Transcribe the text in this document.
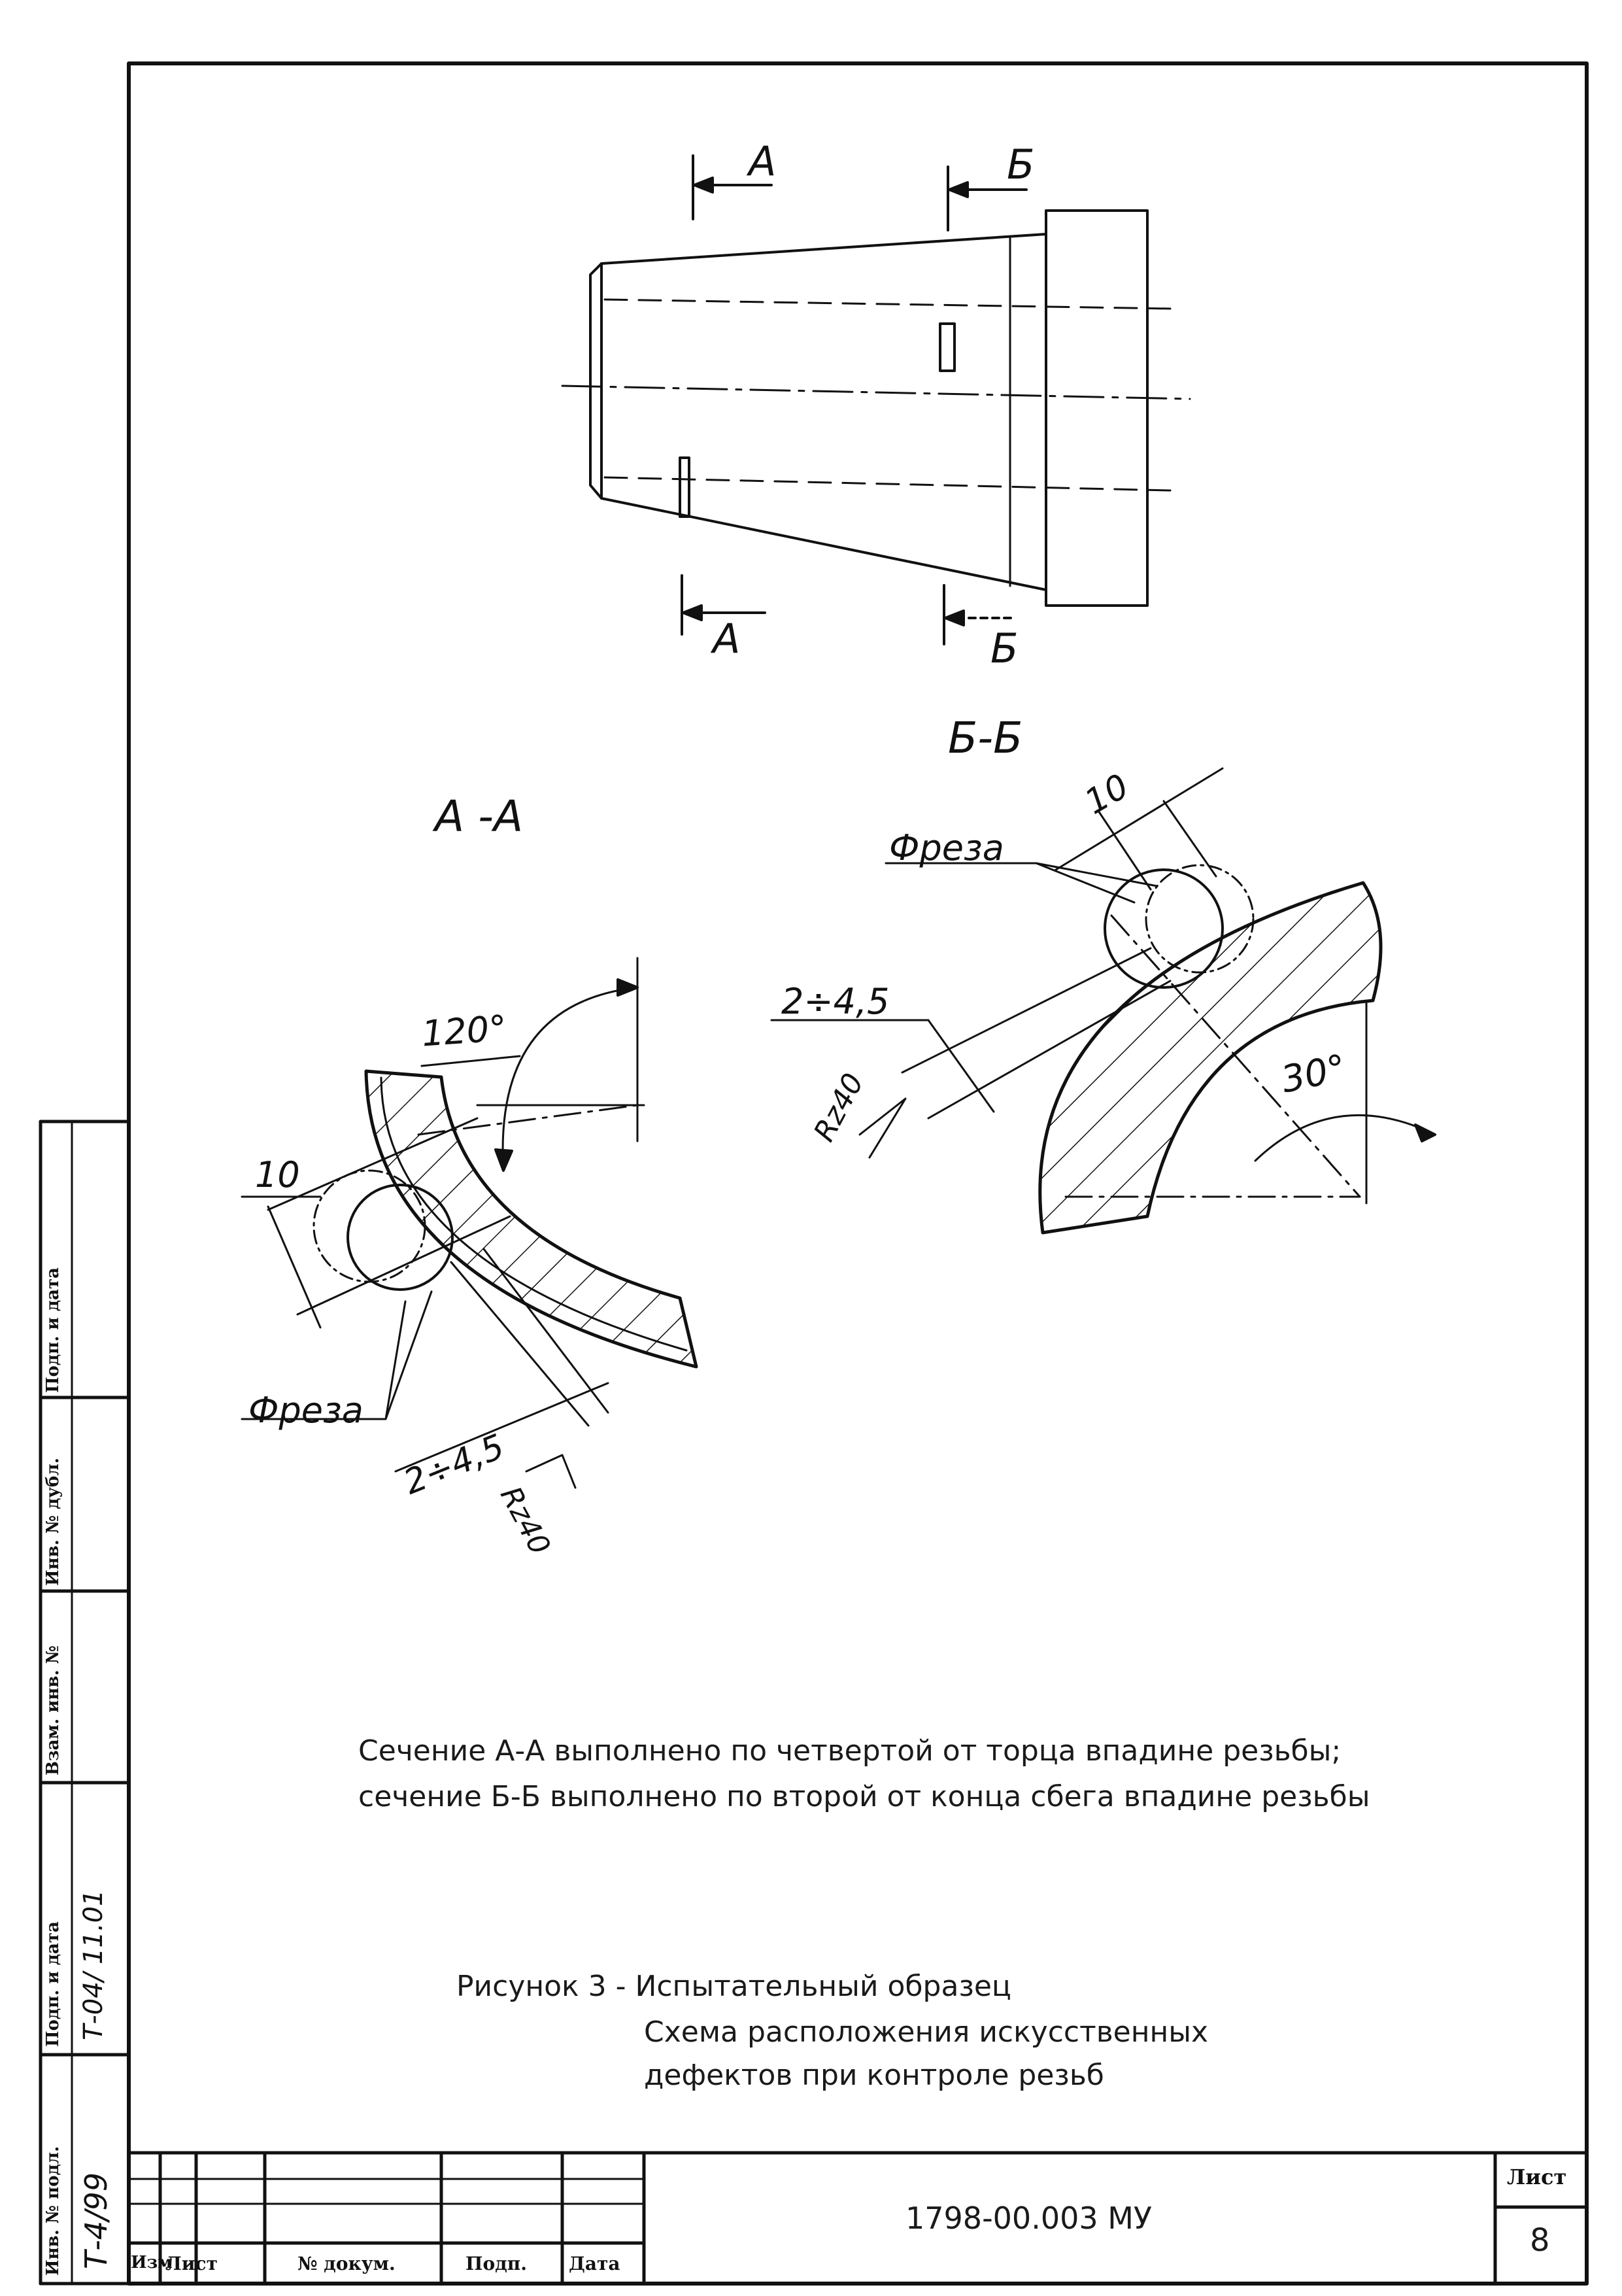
А
А
Б
Б
А -А
Б-Б
120°
10
2÷4,5
Rz40
Фреза
10
2÷4,5
Rz40	30°
Фреза
Сечение А-А выполнено по четвертой от торца впадине резьбы;
сечение Б-Б выполнено по второй от конца сбега впадине резьбы
Рисунок 3 - Испытательный образец
Схема расположения искусственных
дефектов при контроле резьб
1798-00.003 МУ
Лист
8
Изм
Лист	№ докум.	Подп. Дата
Инв. № подл.
Подп. и дата
Взам. инв. №
Инв. № дубл.
Подп. и дата
Т-4/99
Т-04/ 11.01
